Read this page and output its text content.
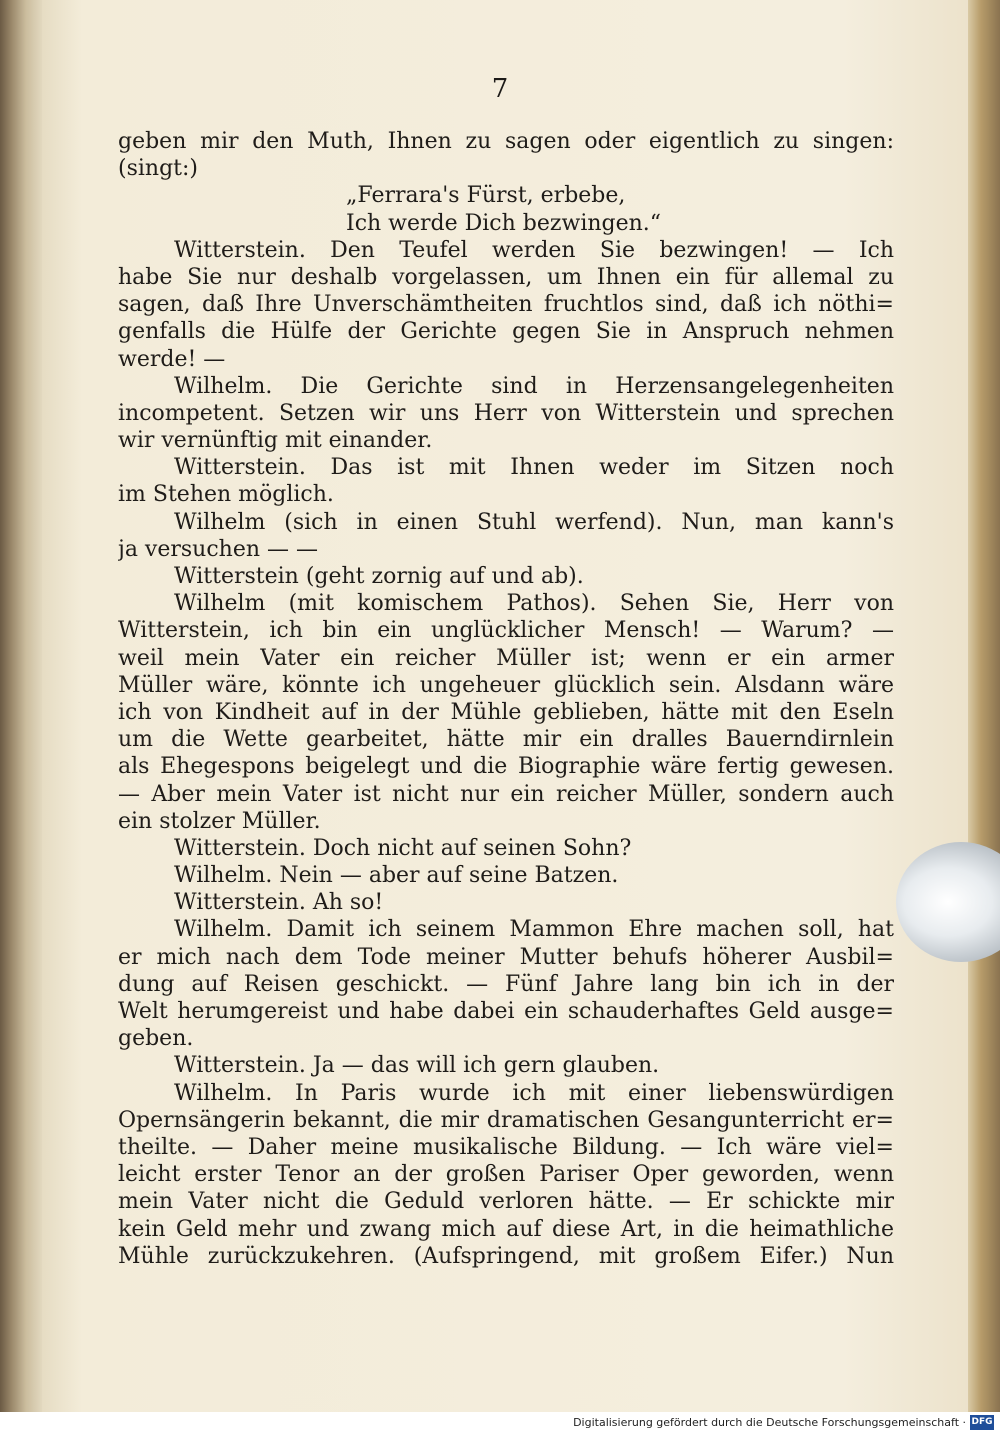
7
geben mir den Muth, Ihnen zu sagen oder eigentlich zu singen:
(singt:)
„Ferrara's Fürst, erbebe,
Ich werde Dich bezwingen.“
Witterstein. Den Teufel werden Sie bezwingen! — Ich
habe Sie nur deshalb vorgelassen, um Ihnen ein für allemal zu
sagen, daß Ihre Unverschämtheiten fruchtlos sind, daß ich nöthi=
genfalls die Hülfe der Gerichte gegen Sie in Anspruch nehmen
werde! —
Wilhelm. Die Gerichte sind in Herzensangelegenheiten
incompetent. Setzen wir uns Herr von Witterstein und sprechen
wir vernünftig mit einander.
Witterstein. Das ist mit Ihnen weder im Sitzen noch
im Stehen möglich.
Wilhelm (sich in einen Stuhl werfend). Nun, man kann's
ja versuchen — —
Witterstein (geht zornig auf und ab).
Wilhelm (mit komischem Pathos). Sehen Sie, Herr von
Witterstein, ich bin ein unglücklicher Mensch! — Warum? —
weil mein Vater ein reicher Müller ist; wenn er ein armer
Müller wäre, könnte ich ungeheuer glücklich sein. Alsdann wäre
ich von Kindheit auf in der Mühle geblieben, hätte mit den Eseln
um die Wette gearbeitet, hätte mir ein dralles Bauerndirnlein
als Ehegespons beigelegt und die Biographie wäre fertig gewesen.
— Aber mein Vater ist nicht nur ein reicher Müller, sondern auch
ein stolzer Müller.
Witterstein. Doch nicht auf seinen Sohn?
Wilhelm. Nein — aber auf seine Batzen.
Witterstein. Ah so!
Wilhelm. Damit ich seinem Mammon Ehre machen soll, hat
er mich nach dem Tode meiner Mutter behufs höherer Ausbil=
dung auf Reisen geschickt. — Fünf Jahre lang bin ich in der
Welt herumgereist und habe dabei ein schauderhaftes Geld ausge=
geben.
Witterstein. Ja — das will ich gern glauben.
Wilhelm. In Paris wurde ich mit einer liebenswürdigen
Opernsängerin bekannt, die mir dramatischen Gesangunterricht er=
theilte. — Daher meine musikalische Bildung. — Ich wäre viel=
leicht erster Tenor an der großen Pariser Oper geworden, wenn
mein Vater nicht die Geduld verloren hätte. — Er schickte mir
kein Geld mehr und zwang mich auf diese Art, in die heimathliche
Mühle zurückzukehren. (Aufspringend, mit großem Eifer.) Nun
Digitalisierung gefördert durch die Deutsche Forschungsgemeinschaft · DFG
